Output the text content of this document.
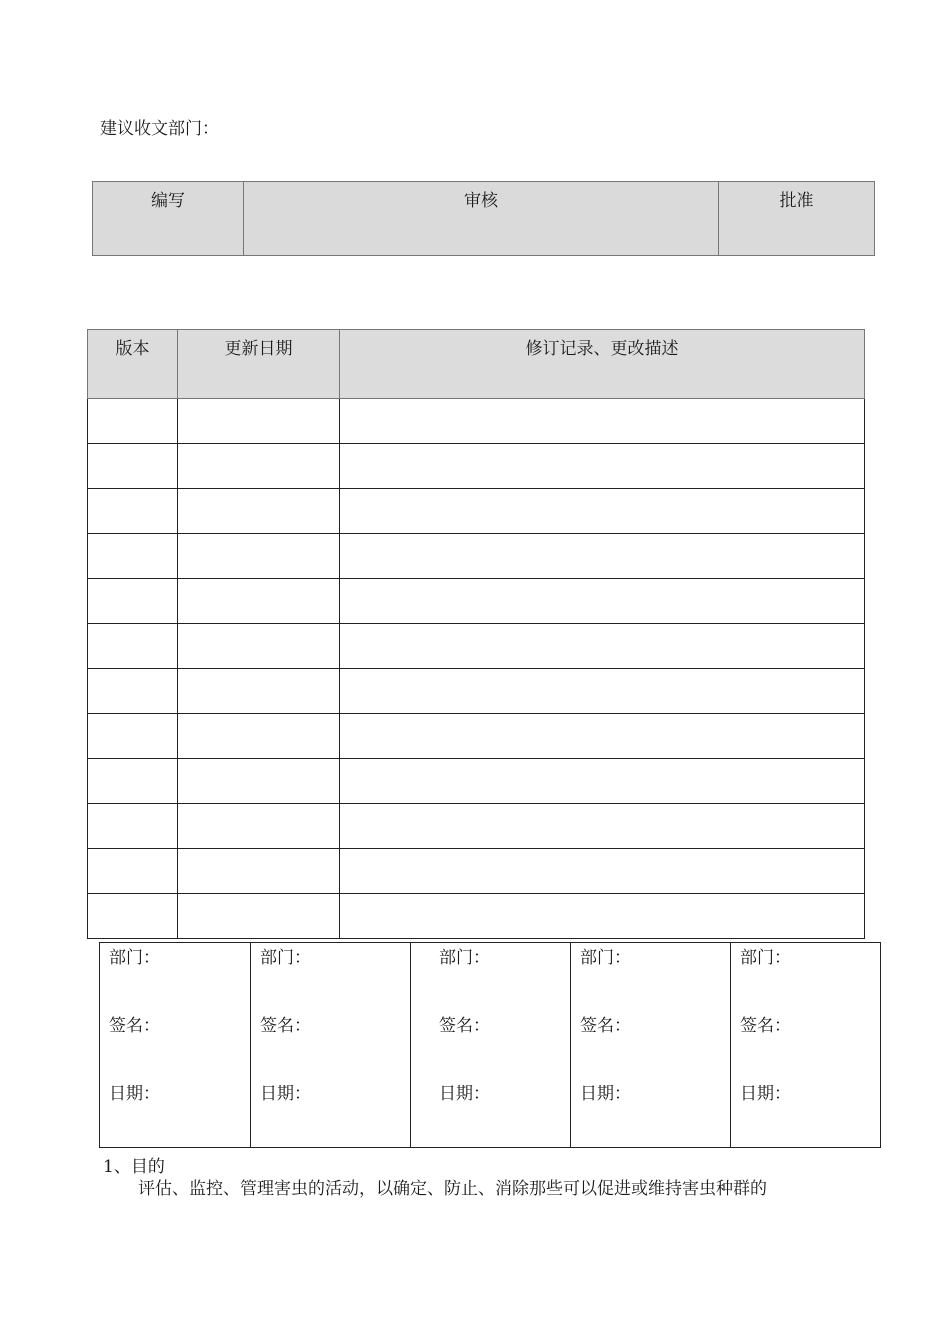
建议收文部门：
编写	审核	批准
版本	更新日期	修订记录、更改描述

部门：
签名：
日期：

部门：
签名：
日期：

部门：
签名：
日期：

部门：
签名：
日期：

部门：
签名：
日期：
1、目的
评估、监控、管理害虫的活动，以确定、防止、消除那些可以促进或维持害虫种群的
